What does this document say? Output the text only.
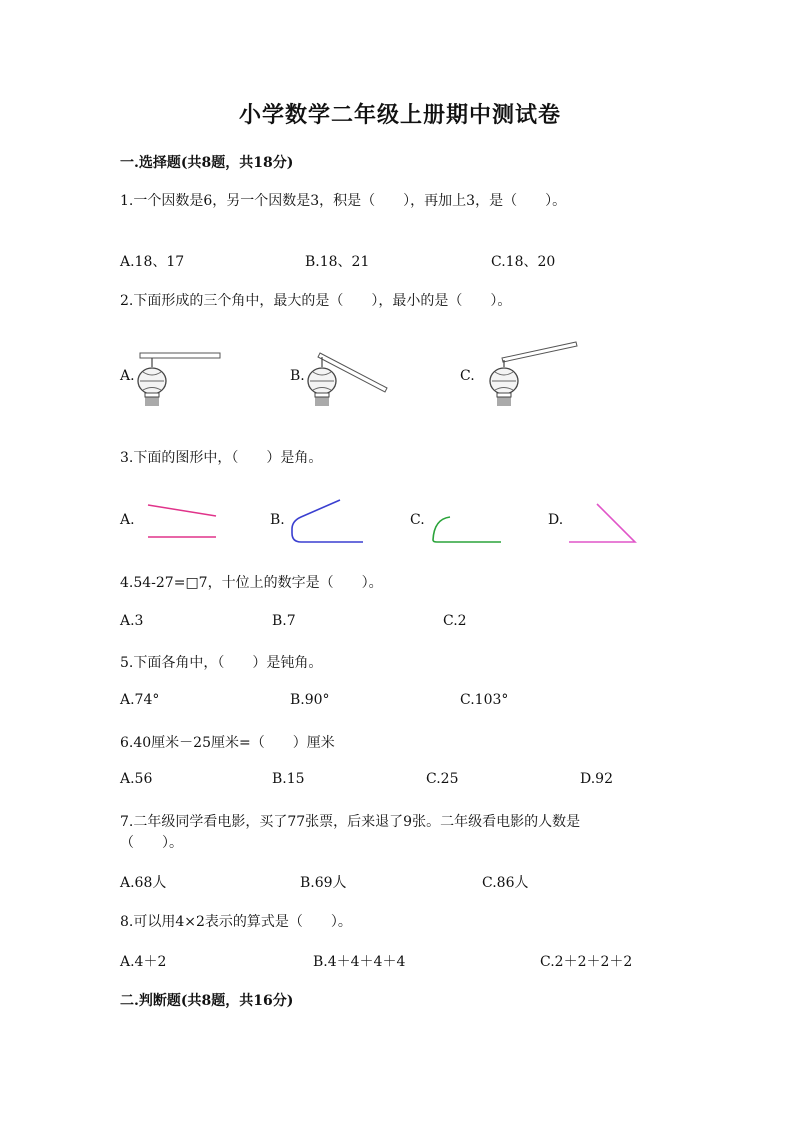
小学数学二年级上册期中测试卷
一.选择题(共8题，共18分)
1.一个因数是6，另一个因数是3，积是（　　），再加上3，是（　　）。
A.18、17	B.18、21	C.18、20
2.下面形成的三个角中，最大的是（　　），最小的是（　　）。
A.	B.	C.
3.下面的图形中，（　　）是角。
A.	B.	C.	D.
4.54-27=□7，十位上的数字是（　　）。
A.3	B.7	C.2
5.下面各角中，（　　）是钝角。
A.74°	B.90°	C.103°
6.40厘米－25厘米=（　　）厘米
A.56	B.15	C.25	D.92
7.二年级同学看电影，买了77张票，后来退了9张。二年级看电影的人数是
（　　）。
A.68人	B.69人	C.86人
8.可以用4×2表示的算式是（　　）。
A.4＋2	B.4＋4＋4＋4	C.2＋2＋2＋2
二.判断题(共8题，共16分)
